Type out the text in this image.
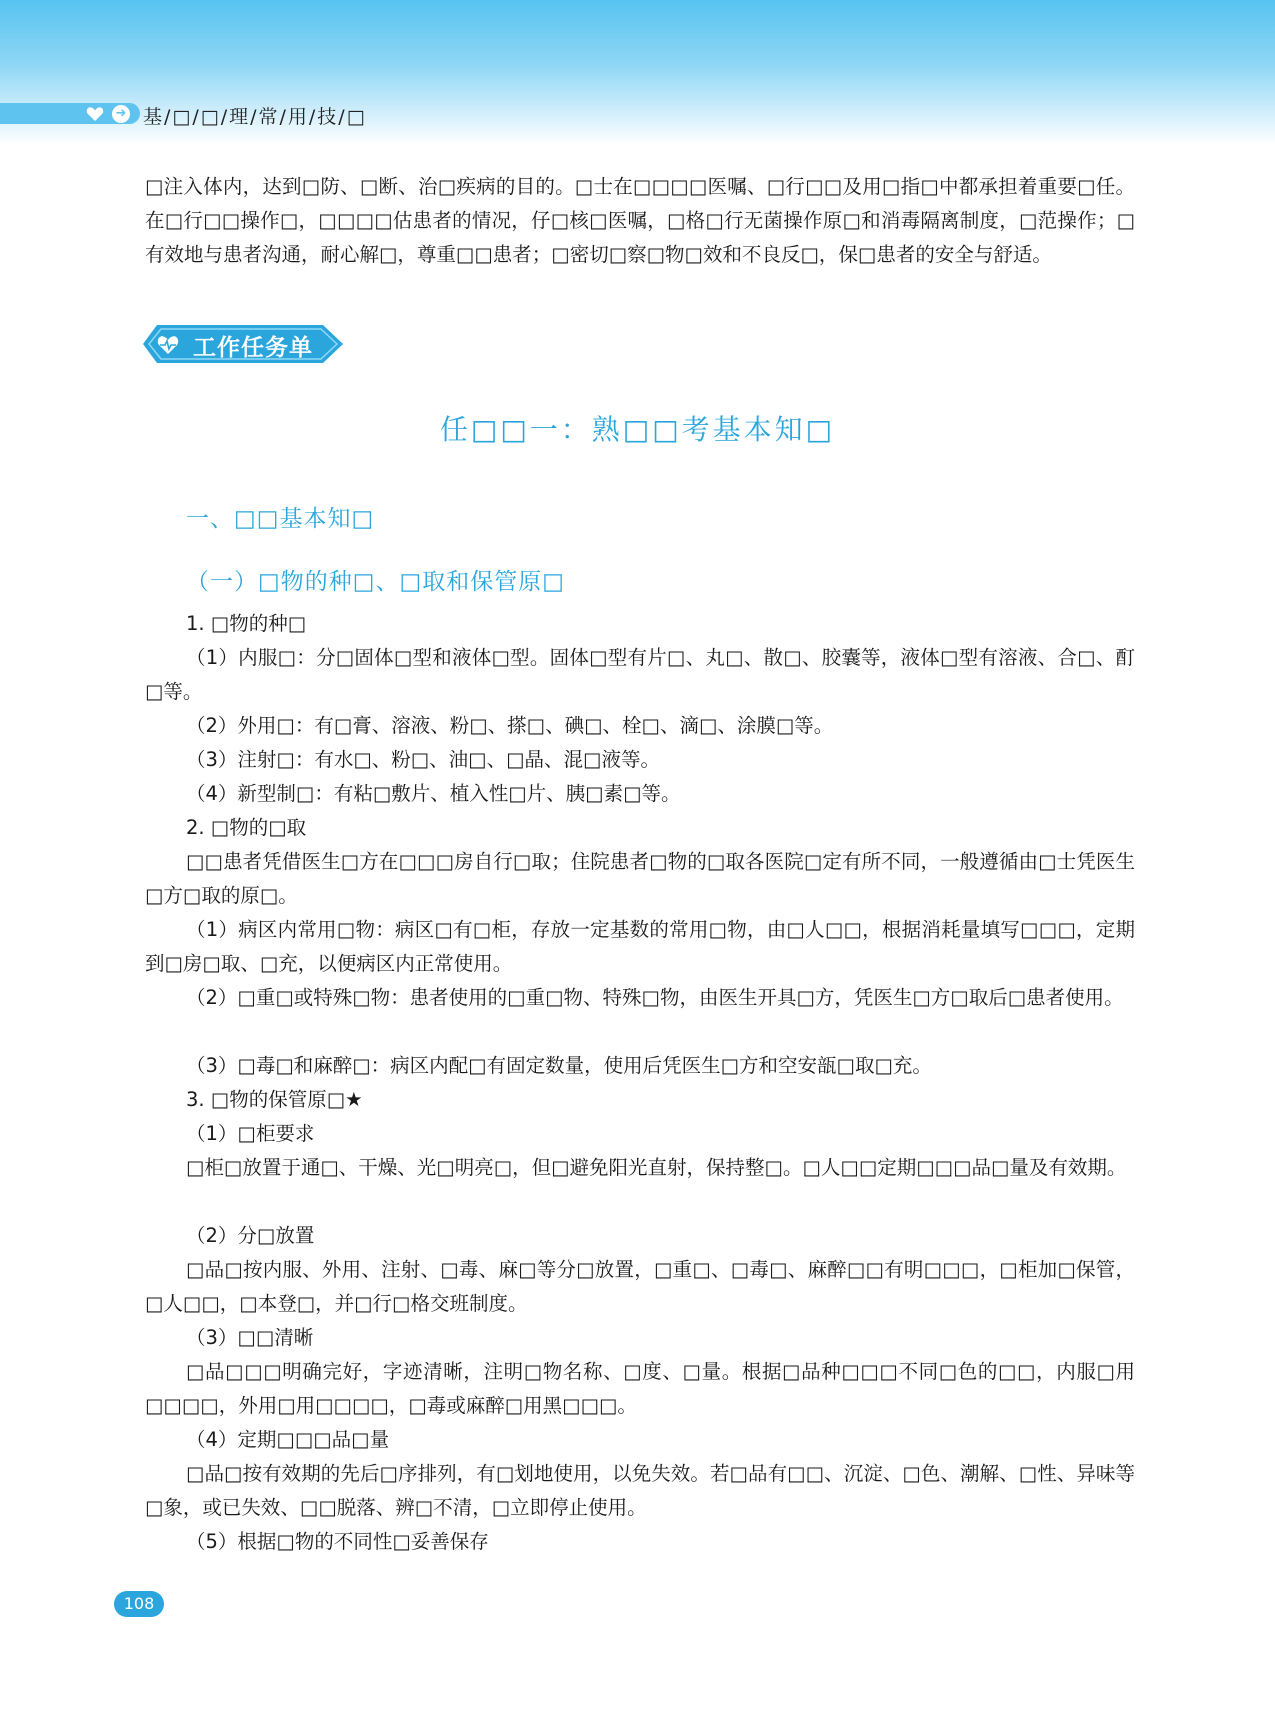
➜ 基/□/□/理/常/用/技/□

□注入体内，达到□防、□断、治□疾病的目的。□士在□□□□医嘱、□行□□及用□指□中都承担着重要□任。在□行□□操作□，□□□□估患者的情况，仔□核□医嘱，□格□行无菌操作原□和消毒隔离制度，□范操作；□有效地与患者沟通，耐心解□，尊重□□患者；□密切□察□物□效和不良反□，保□患者的安全与舒适。

工作任务单
任□□一：熟□□考基本知□
一、□□基本知□
（一）□物的种□、□取和保管原□
1. □物的种□

（1）内服□：分□固体□型和液体□型。固体□型有片□、丸□、散□、胶囊等，液体□型有溶液、合□、酊□等。

（2）外用□：有□膏、溶液、粉□、搽□、碘□、栓□、滴□、涂膜□等。
（3）注射□：有水□、粉□、油□、□晶、混□液等。
（4）新型制□：有粘□敷片、植入性□片、胰□素□等。
2. □物的□取

□□患者凭借医生□方在□□□房自行□取；住院患者□物的□取各医院□定有所不同，一般遵循由□士凭医生□方□取的原□。

（1）病区内常用□物：病区□有□柜，存放一定基数的常用□物，由□人□□，根据消耗量填写□□□，定期到□房□取、□充，以便病区内正常使用。

（2）□重□或特殊□物：患者使用的□重□物、特殊□物，由医生开具□方，凭医生□方□取后□患者使用。

（3）□毒□和麻醉□：病区内配□有固定数量，使用后凭医生□方和空安瓿□取□充。
3. □物的保管原□★
（1）□柜要求

□柜□放置于通□、干燥、光□明亮□，但□避免阳光直射，保持整□。□人□□定期□□□品□量及有效期。

（2）分□放置

□品□按内服、外用、注射、□毒、麻□等分□放置，□重□、□毒□、麻醉□□有明□□□，□柜加□保管，□人□□，□本登□，并□行□格交班制度。

（3）□□清晰

□品□□□明确完好，字迹清晰，注明□物名称、□度、□量。根据□品种□□□不同□色的□□，内服□用□□□□，外用□用□□□□，□毒或麻醉□用黑□□□。

（4）定期□□□品□量

□品□按有效期的先后□序排列，有□划地使用，以免失效。若□品有□□、沉淀、□色、潮解、□性、异味等□象，或已失效、□□脱落、辨□不清，□立即停止使用。

（5）根据□物的不同性□妥善保存
108
